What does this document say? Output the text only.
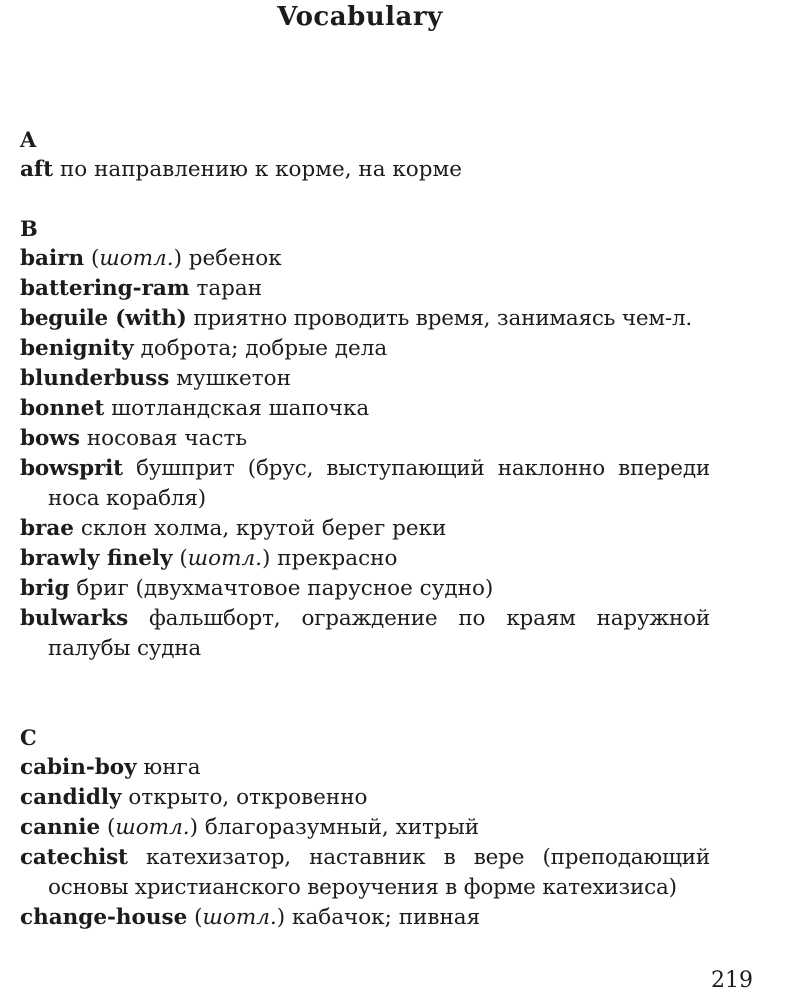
Vocabulary
A
aft по направлению к корме, на корме
B
bairn (шотл.) ребенок
battering-ram таран
beguile (with) приятно проводить время, занимаясь чем-л.
benignity доброта; добрые дела
blunderbuss мушкетон
bonnet шотландская шапочка
bows носовая часть
bowsprit бушприт (брус, выступающий наклонно впереди носа корабля)
brae склон холма, крутой берег реки
brawly finely (шотл.) прекрасно
brig бриг (двухмачтовое парусное судно)
bulwarks фальшборт, ограждение по краям наружной палубы судна
C
cabin-boy юнга
candidly открыто, откровенно
cannie (шотл.) благоразумный, хитрый
catechist катехизатор, наставник в вере (преподающий основы христианского вероучения в форме катехизиса)
change-house (шотл.) кабачок; пивная
219
